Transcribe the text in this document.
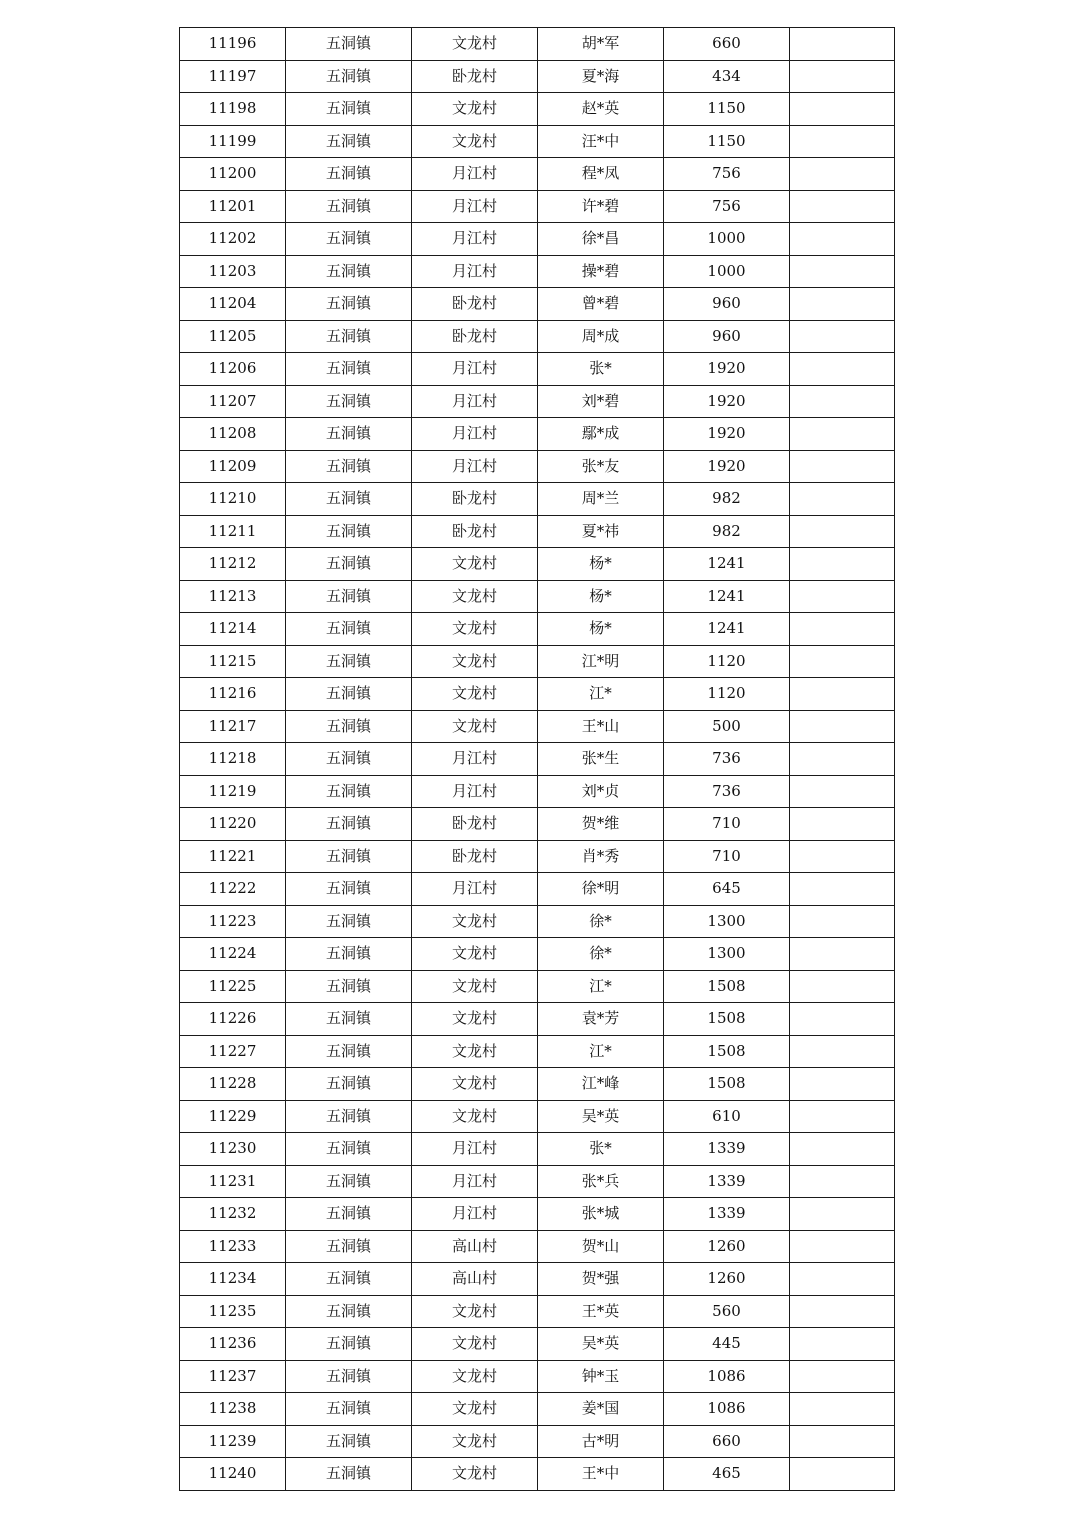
11196	五洞镇	文龙村	胡*军	660	
11197	五洞镇	卧龙村	夏*海	434	
11198	五洞镇	文龙村	赵*英	1150	
11199	五洞镇	文龙村	汪*中	1150	
11200	五洞镇	月江村	程*凤	756	
11201	五洞镇	月江村	许*碧	756	
11202	五洞镇	月江村	徐*昌	1000	
11203	五洞镇	月江村	操*碧	1000	
11204	五洞镇	卧龙村	曾*碧	960	
11205	五洞镇	卧龙村	周*成	960	
11206	五洞镇	月江村	张*	1920	
11207	五洞镇	月江村	刘*碧	1920	
11208	五洞镇	月江村	鄢*成	1920	
11209	五洞镇	月江村	张*友	1920	
11210	五洞镇	卧龙村	周*兰	982	
11211	五洞镇	卧龙村	夏*祎	982	
11212	五洞镇	文龙村	杨*	1241	
11213	五洞镇	文龙村	杨*	1241	
11214	五洞镇	文龙村	杨*	1241	
11215	五洞镇	文龙村	江*明	1120	
11216	五洞镇	文龙村	江*	1120	
11217	五洞镇	文龙村	王*山	500	
11218	五洞镇	月江村	张*生	736	
11219	五洞镇	月江村	刘*贞	736	
11220	五洞镇	卧龙村	贺*维	710	
11221	五洞镇	卧龙村	肖*秀	710	
11222	五洞镇	月江村	徐*明	645	
11223	五洞镇	文龙村	徐*	1300	
11224	五洞镇	文龙村	徐*	1300	
11225	五洞镇	文龙村	江*	1508	
11226	五洞镇	文龙村	袁*芳	1508	
11227	五洞镇	文龙村	江*	1508	
11228	五洞镇	文龙村	江*峰	1508	
11229	五洞镇	文龙村	吴*英	610	
11230	五洞镇	月江村	张*	1339	
11231	五洞镇	月江村	张*兵	1339	
11232	五洞镇	月江村	张*城	1339	
11233	五洞镇	高山村	贺*山	1260	
11234	五洞镇	高山村	贺*强	1260	
11235	五洞镇	文龙村	王*英	560	
11236	五洞镇	文龙村	吴*英	445	
11237	五洞镇	文龙村	钟*玉	1086	
11238	五洞镇	文龙村	姜*国	1086	
11239	五洞镇	文龙村	古*明	660	
11240	五洞镇	文龙村	王*中	465	
